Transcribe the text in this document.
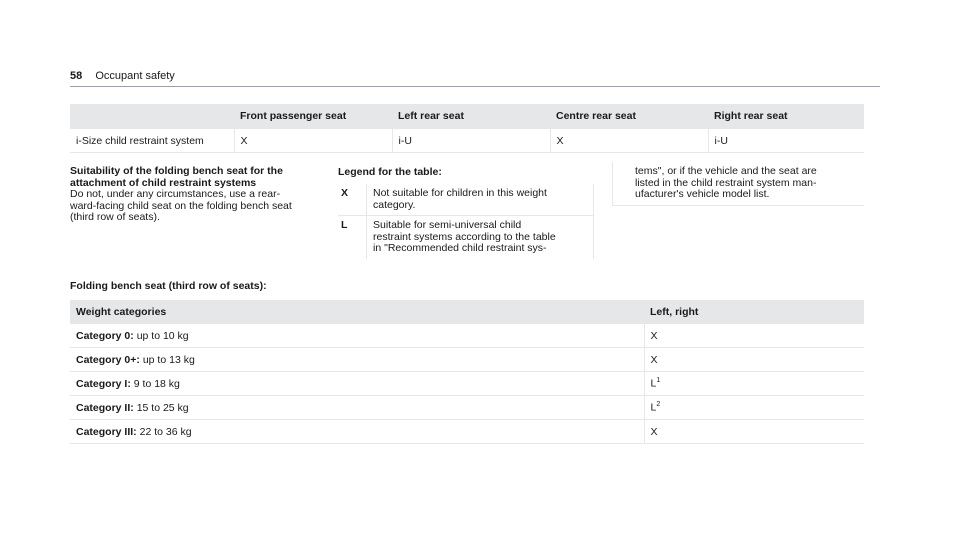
58 Occupant safety
	Front passenger seat	Left rear seat	Centre rear seat	Right rear seat
i-Size child restraint system	X	i-U	X	i-U
Suitability of the folding bench seat for the
attachment of child restraint systems
Do not, under any circumstances, use a rear-
ward-facing child seat on the folding bench seat
(third row of seats).
Legend for the table:
X	Not suitable for children in this weight
category.

L	Suitable for semi-universal child
restraint systems according to the table
in "Recommended child restraint sys-
tems", or if the vehicle and the seat are
listed in the child restraint system man-
ufacturer's vehicle model list.
Folding bench seat (third row of seats):
Weight categories	Left, right
Category 0: up to 10 kg	X
Category 0+: up to 13 kg	X
Category I: 9 to 18 kg	$L^1$
Category II: 15 to 25 kg	$L^2$
Category III: 22 to 36 kg	X
